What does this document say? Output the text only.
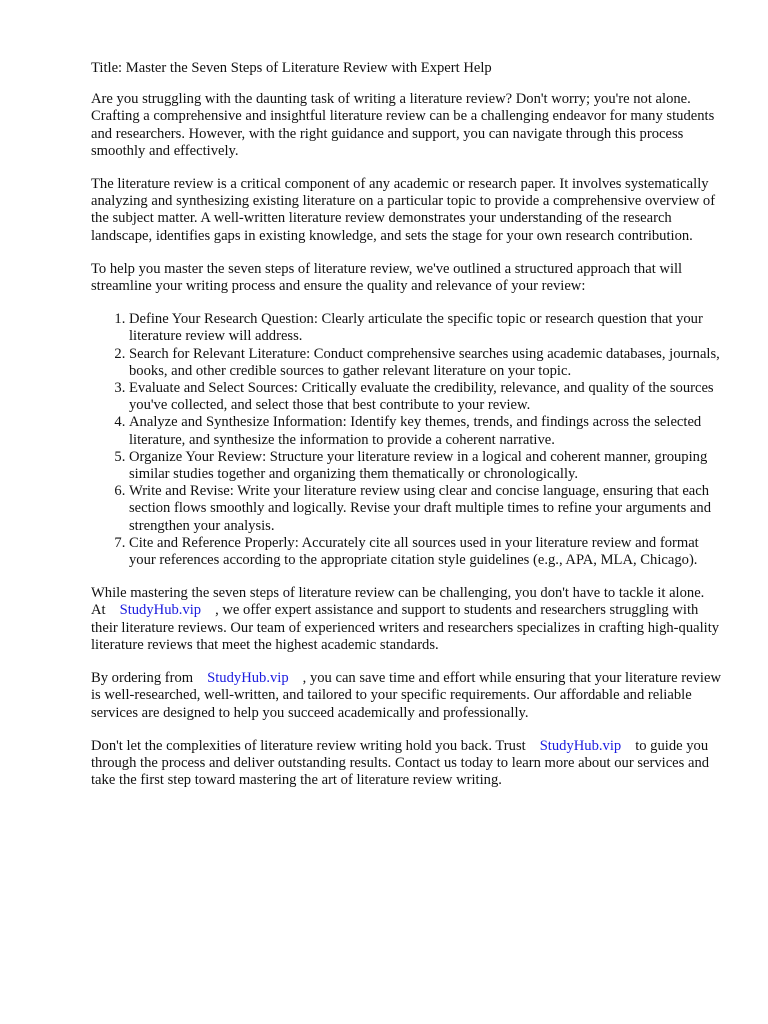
Title: Master the Seven Steps of Literature Review with Expert Help

Are you struggling with the daunting task of writing a literature review? Don't worry; you're not alone. Crafting a comprehensive and insightful literature review can be a challenging endeavor for many students and researchers. However, with the right guidance and support, you can navigate through this process smoothly and effectively.

The literature review is a critical component of any academic or research paper. It involves systematically analyzing and synthesizing existing literature on a particular topic to provide a comprehensive overview of the subject matter. A well-written literature review demonstrates your understanding of the research landscape, identifies gaps in existing knowledge, and sets the stage for your own research contribution.

To help you master the seven steps of literature review, we've outlined a structured approach that will streamline your writing process and ensure the quality and relevance of your review:

1. Define Your Research Question: Clearly articulate the specific topic or research question that your literature review will address.
2. Search for Relevant Literature: Conduct comprehensive searches using academic databases, journals, books, and other credible sources to gather relevant literature on your topic.
3. Evaluate and Select Sources: Critically evaluate the credibility, relevance, and quality of the sources you've collected, and select those that best contribute to your review.
4. Analyze and Synthesize Information: Identify key themes, trends, and findings across the selected literature, and synthesize the information to provide a coherent narrative.
5. Organize Your Review: Structure your literature review in a logical and coherent manner, grouping similar studies together and organizing them thematically or chronologically.
6. Write and Revise: Write your literature review using clear and concise language, ensuring that each section flows smoothly and logically. Revise your draft multiple times to refine your arguments and strengthen your analysis.
7. Cite and Reference Properly: Accurately cite all sources used in your literature review and format your references according to the appropriate citation style guidelines (e.g., APA, MLA, Chicago).

While mastering the seven steps of literature review can be challenging, you don't have to tackle it alone. At StudyHub.vip , we offer expert assistance and support to students and researchers struggling with their literature reviews. Our team of experienced writers and researchers specializes in crafting high-quality literature reviews that meet the highest academic standards.

By ordering from StudyHub.vip , you can save time and effort while ensuring that your literature review is well-researched, well-written, and tailored to your specific requirements. Our affordable and reliable services are designed to help you succeed academically and professionally.

Don't let the complexities of literature review writing hold you back. Trust StudyHub.vip to guide you through the process and deliver outstanding results. Contact us today to learn more about our services and take the first step toward mastering the art of literature review writing.
